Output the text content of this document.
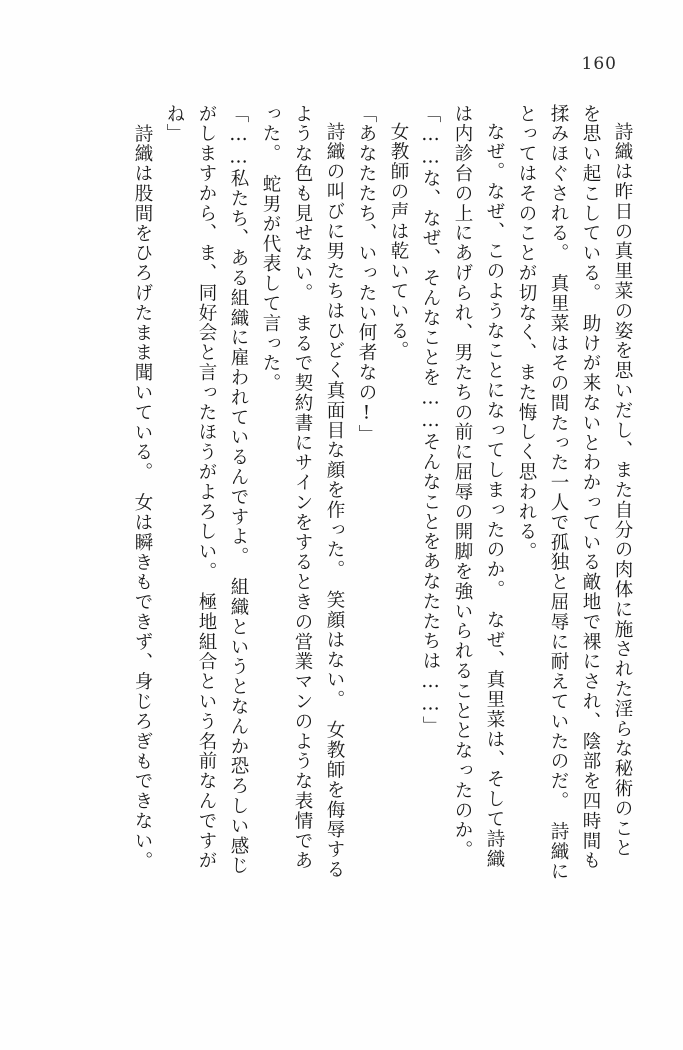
160
詩織は昨日の真里菜の姿を思いだし、また自分の肉体に施された淫らな秘術のこと
を思い起こしている。　助けが来ないとわかっている敵地で裸にされ、陰部を四時間も
揉みほぐされる。　真里菜はその間たった一人で孤独と屈辱に耐えていたのだ。　詩織に
とってはそのことが切なく、また悔しく思われる。
なぜ。なぜ、このようなことになってしまったのか。　なぜ、真里菜は、そして詩織
は内診台の上にあげられ、男たちの前に屈辱の開脚を強いられることとなったのか。
「……な、なぜ、そんなことを……そんなことをあなたたちは……」
女教師の声は乾いている。
「あなたたち、いったい何者なの!」
詩織の叫びに男たちはひどく真面目な顔を作った。　笑顔はない。　女教師を侮辱する
ような色も見せない。　まるで契約書にサインをするときの営業マンのような表情であ
った。　蛇男が代表して言った。
「……私たち、ある組織に雇われているんですよ。　組織というとなんか恐ろしい感じ
がしますから、ま、同好会と言ったほうがよろしい。　極地組合という名前なんですが
ね」
詩織は股間をひろげたまま聞いている。　女は瞬きもできず、身じろぎもできない。
